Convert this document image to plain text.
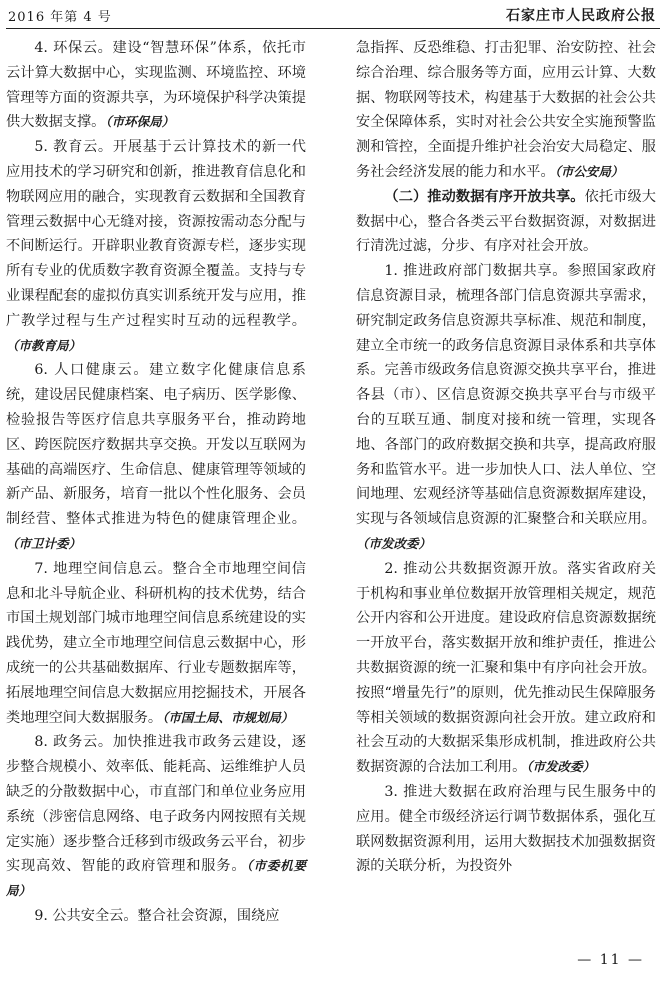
2016 年第 4 号	石家庄市人民政府公报

4. 环保云。建设“智慧环保”体系，依托市云计算大数据中心，实现监测、环境监控、环境管理等方面的资源共享，为环境保护科学决策提供大数据支撑。（市环保局）

5. 教育云。开展基于云计算技术的新一代应用技术的学习研究和创新，推进教育信息化和物联网应用的融合，实现教育云数据和全国教育管理云数据中心无缝对接，资源按需动态分配与不间断运行。开辟职业教育资源专栏，逐步实现所有专业的优质数字教育资源全覆盖。支持与专业课程配套的虚拟仿真实训系统开发与应用，推广教学过程与生产过程实时互动的远程教学。（市教育局）

6. 人口健康云。建立数字化健康信息系统，建设居民健康档案、电子病历、医学影像、检验报告等医疗信息共享服务平台，推动跨地区、跨医院医疗数据共享交换。开发以互联网为基础的高端医疗、生命信息、健康管理等领域的新产品、新服务，培育一批以个性化服务、会员制经营、整体式推进为特色的健康管理企业。（市卫计委）

7. 地理空间信息云。整合全市地理空间信息和北斗导航企业、科研机构的技术优势，结合市国土规划部门城市地理空间信息系统建设的实践优势，建立全市地理空间信息云数据中心，形成统一的公共基础数据库、行业专题数据库等，拓展地理空间信息大数据应用挖掘技术，开展各类地理空间大数据服务。（市国土局、市规划局）

8. 政务云。加快推进我市政务云建设，逐步整合规模小、效率低、能耗高、运维维护人员缺乏的分散数据中心，市直部门和单位业务应用系统（涉密信息网络、电子政务内网按照有关规定实施）逐步整合迁移到市级政务云平台，初步实现高效、智能的政府管理和服务。（市委机要局）

9. 公共安全云。整合社会资源，围绕应

急指挥、反恐维稳、打击犯罪、治安防控、社会综合治理、综合服务等方面，应用云计算、大数据、物联网等技术，构建基于大数据的社会公共安全保障体系，实时对社会公共安全实施预警监测和管控，全面提升维护社会治安大局稳定、服务社会经济发展的能力和水平。（市公安局）

（二）推动数据有序开放共享。依托市级大数据中心，整合各类云平台数据资源，对数据进行清洗过滤，分步、有序对社会开放。

1. 推进政府部门数据共享。参照国家政府信息资源目录，梳理各部门信息资源共享需求，研究制定政务信息资源共享标准、规范和制度，建立全市统一的政务信息资源目录体系和共享体系。完善市级政务信息资源交换共享平台，推进各县（市）、区信息资源交换共享平台与市级平台的互联互通、制度对接和统一管理，实现各地、各部门的政府数据交换和共享，提高政府服务和监管水平。进一步加快人口、法人单位、空间地理、宏观经济等基础信息资源数据库建设，实现与各领域信息资源的汇聚整合和关联应用。（市发改委）

2. 推动公共数据资源开放。落实省政府关于机构和事业单位数据开放管理相关规定，规范公开内容和公开进度。建设政府信息资源数据统一开放平台，落实数据开放和维护责任，推进公共数据资源的统一汇聚和集中有序向社会开放。按照“增量先行”的原则，优先推动民生保障服务等相关领域的数据资源向社会开放。建立政府和社会互动的大数据采集形成机制，推进政府公共数据资源的合法加工利用。（市发改委）

3. 推进大数据在政府治理与民生服务中的应用。健全市级经济运行调节数据体系，强化互联网数据资源利用，运用大数据技术加强数据资源的关联分析，为投资外

— 11 —
